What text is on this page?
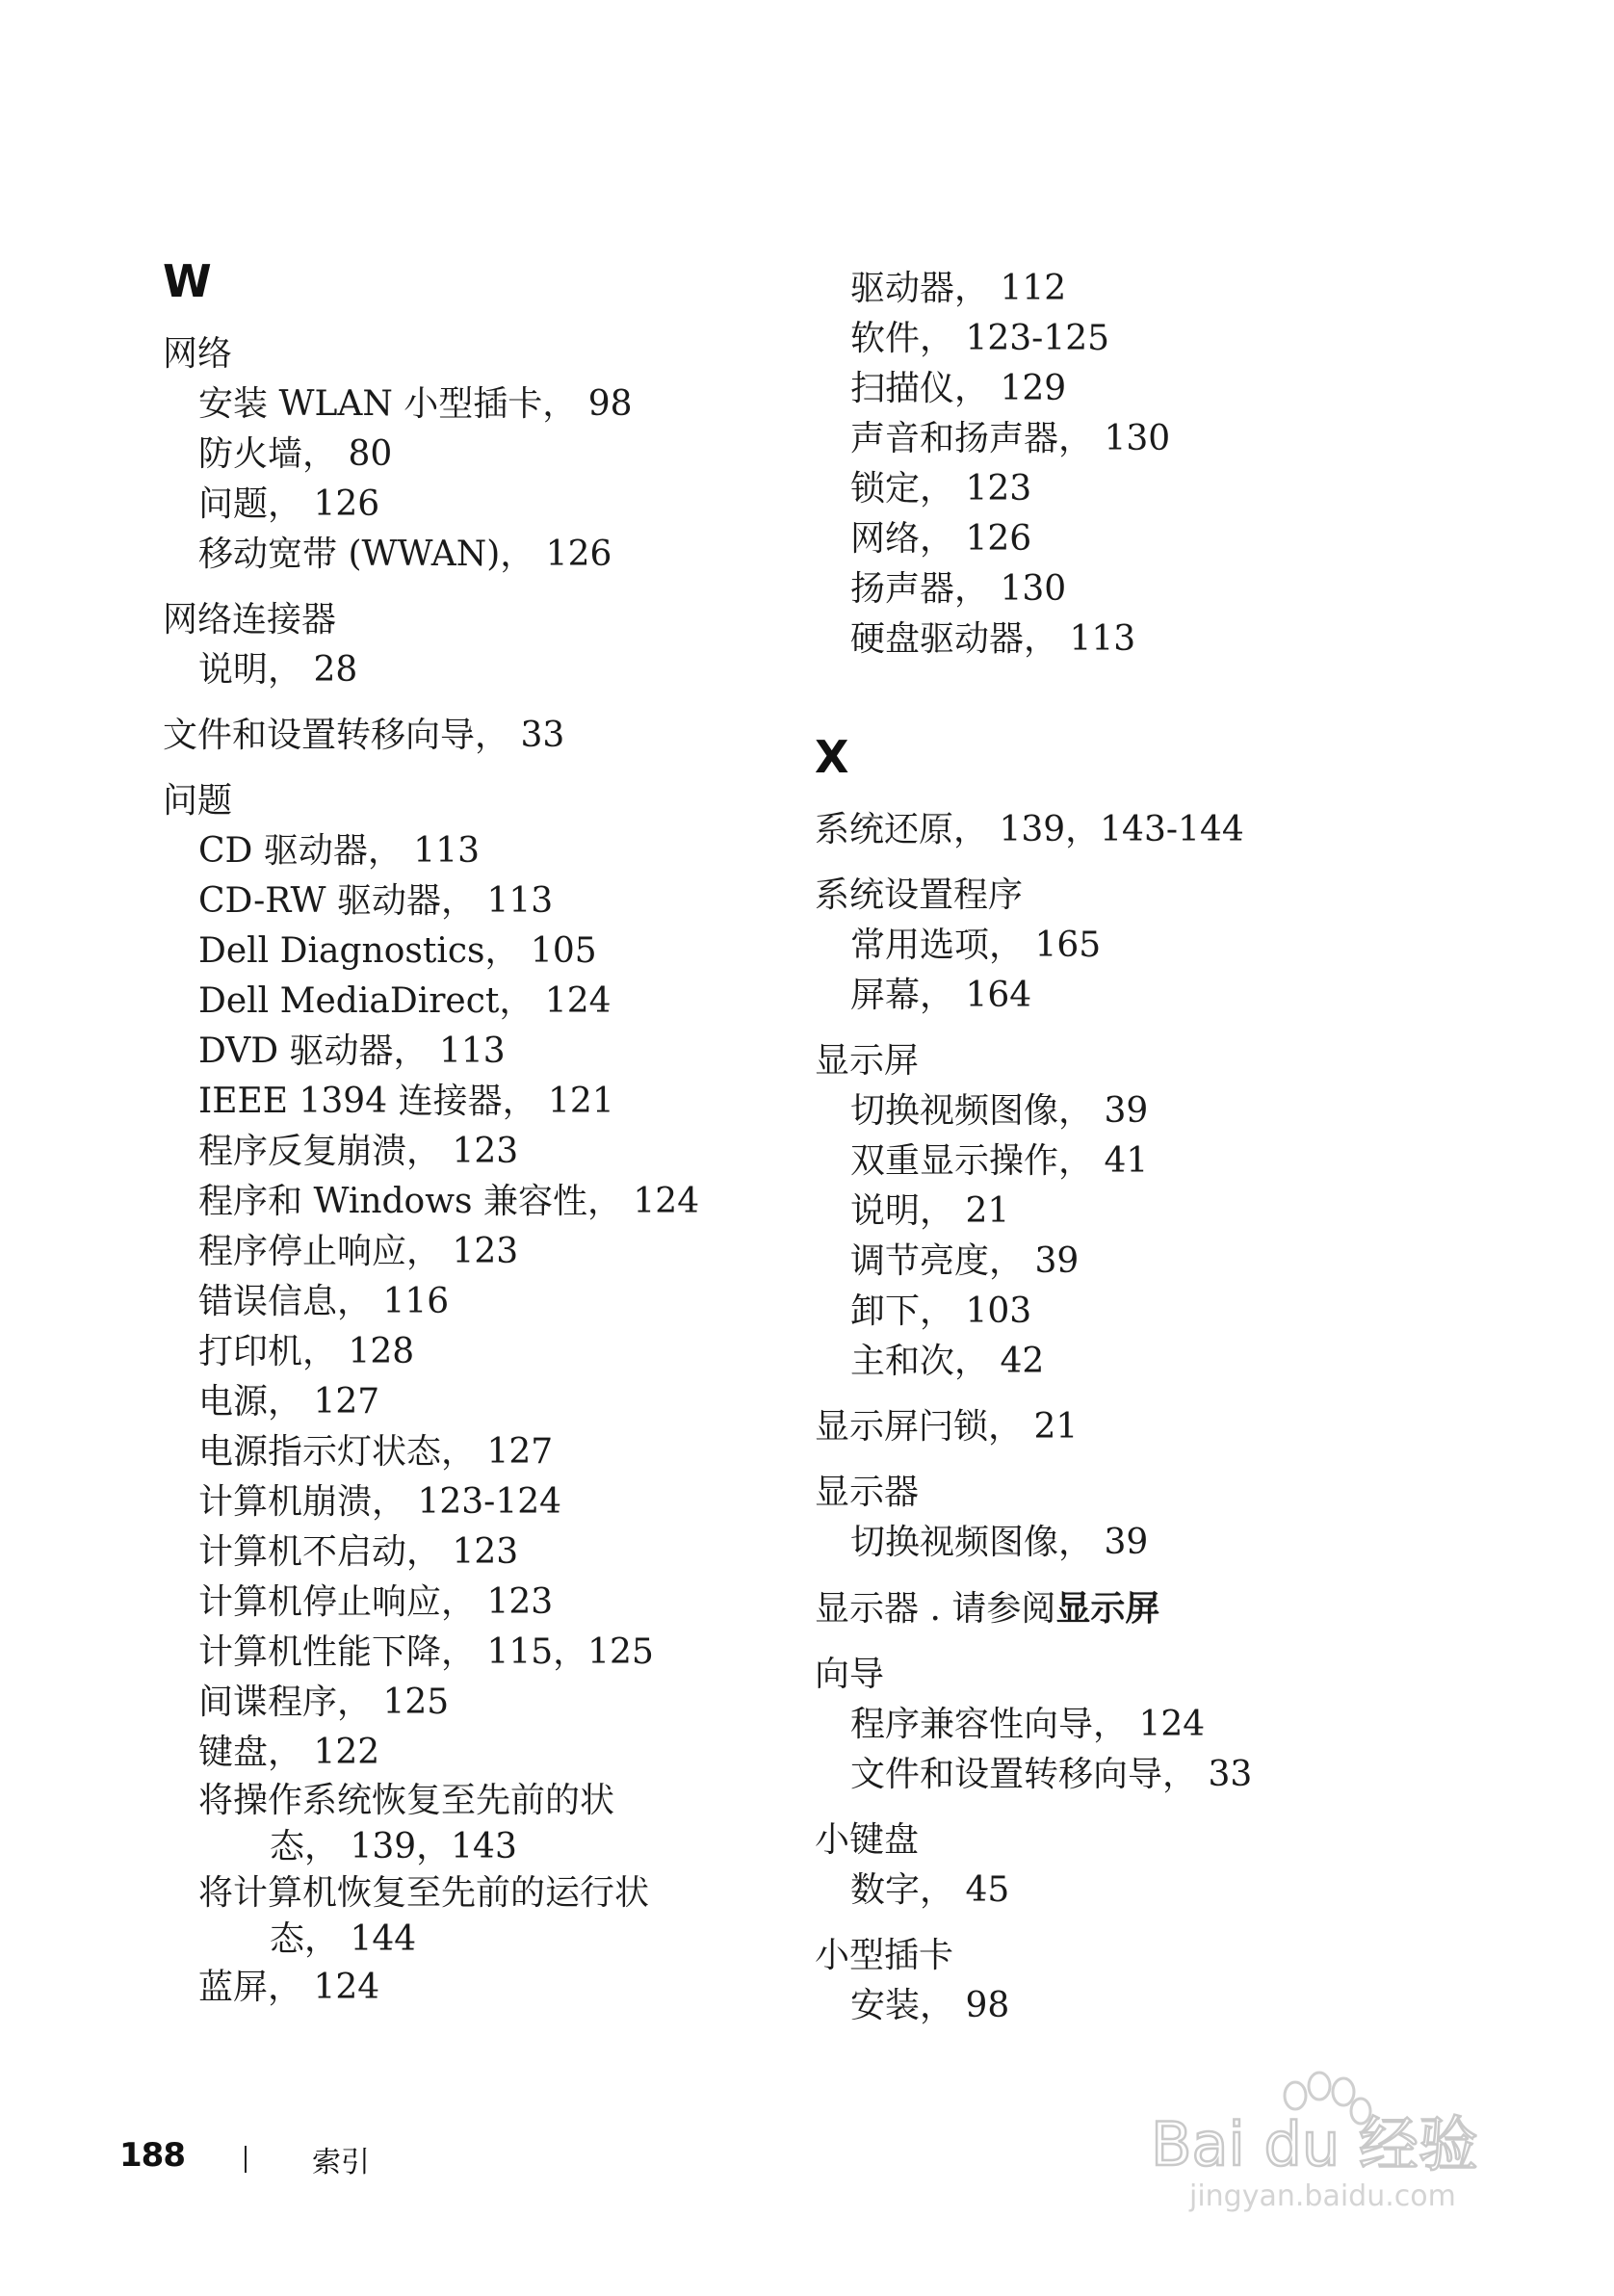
W
网络
安装 WLAN 小型插卡， 98
防火墙， 80
问题， 126
移动宽带 (WWAN)， 126
网络连接器
说明， 28
文件和设置转移向导， 33
问题
CD 驱动器， 113
CD-RW 驱动器， 113
Dell Diagnostics， 105
Dell MediaDirect， 124
DVD 驱动器， 113
IEEE 1394 连接器， 121
程序反复崩溃， 123
程序和 Windows 兼容性， 124
程序停止响应， 123
错误信息， 116
打印机， 128
电源， 127
电源指示灯状态， 127
计算机崩溃， 123-124
计算机不启动， 123
计算机停止响应， 123
计算机性能下降， 115，125
间谍程序， 125
键盘， 122
将操作系统恢复至先前的状
态， 139，143
将计算机恢复至先前的运行状
态， 144
蓝屏， 124
驱动器， 112
软件， 123-125
扫描仪， 129
声音和扬声器， 130
锁定， 123
网络， 126
扬声器， 130
硬盘驱动器， 113
X
系统还原， 139，143-144
系统设置程序
常用选项， 165
屏幕， 164
显示屏
切换视频图像， 39
双重显示操作， 41
说明， 21
调节亮度， 39
卸下， 103
主和次， 42
显示屏闩锁， 21
显示器
切换视频图像， 39
显示器 . 请参阅显示屏
向导
程序兼容性向导， 124
文件和设置转移向导， 33
小键盘
数字， 45
小型插卡
安装， 98
188	索引	Bai du 经验
jingyan.baidu.com
